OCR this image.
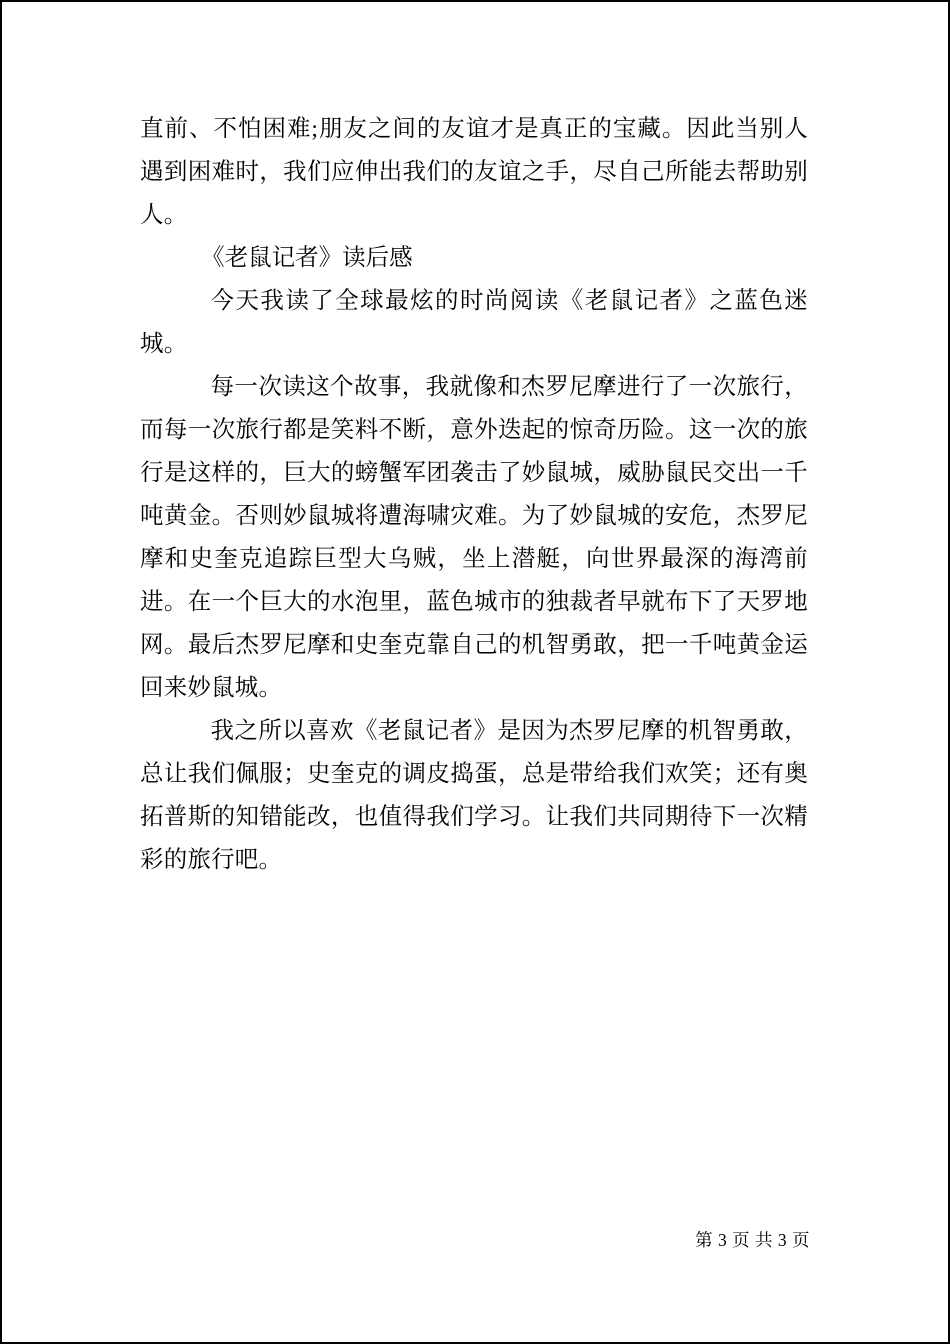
直前、不怕困难;朋友之间的友谊才是真正的宝藏。因此当别人遇到困难时，我们应伸出我们的友谊之手，尽自己所能去帮助别人。

《老鼠记者》读后感

今天我读了全球最炫的时尚阅读《老鼠记者》之蓝色迷城。

每一次读这个故事，我就像和杰罗尼摩进行了一次旅行，而每一次旅行都是笑料不断，意外迭起的惊奇历险。这一次的旅行是这样的，巨大的螃蟹军团袭击了妙鼠城，威胁鼠民交出一千吨黄金。否则妙鼠城将遭海啸灾难。为了妙鼠城的安危，杰罗尼摩和史奎克追踪巨型大乌贼，坐上潜艇，向世界最深的海湾前进。在一个巨大的水泡里，蓝色城市的独裁者早就布下了天罗地网。最后杰罗尼摩和史奎克靠自己的机智勇敢，把一千吨黄金运回来妙鼠城。

我之所以喜欢《老鼠记者》是因为杰罗尼摩的机智勇敢，总让我们佩服；史奎克的调皮捣蛋，总是带给我们欢笑；还有奥拓普斯的知错能改，也值得我们学习。让我们共同期待下一次精彩的旅行吧。

第 3 页 共 3 页
